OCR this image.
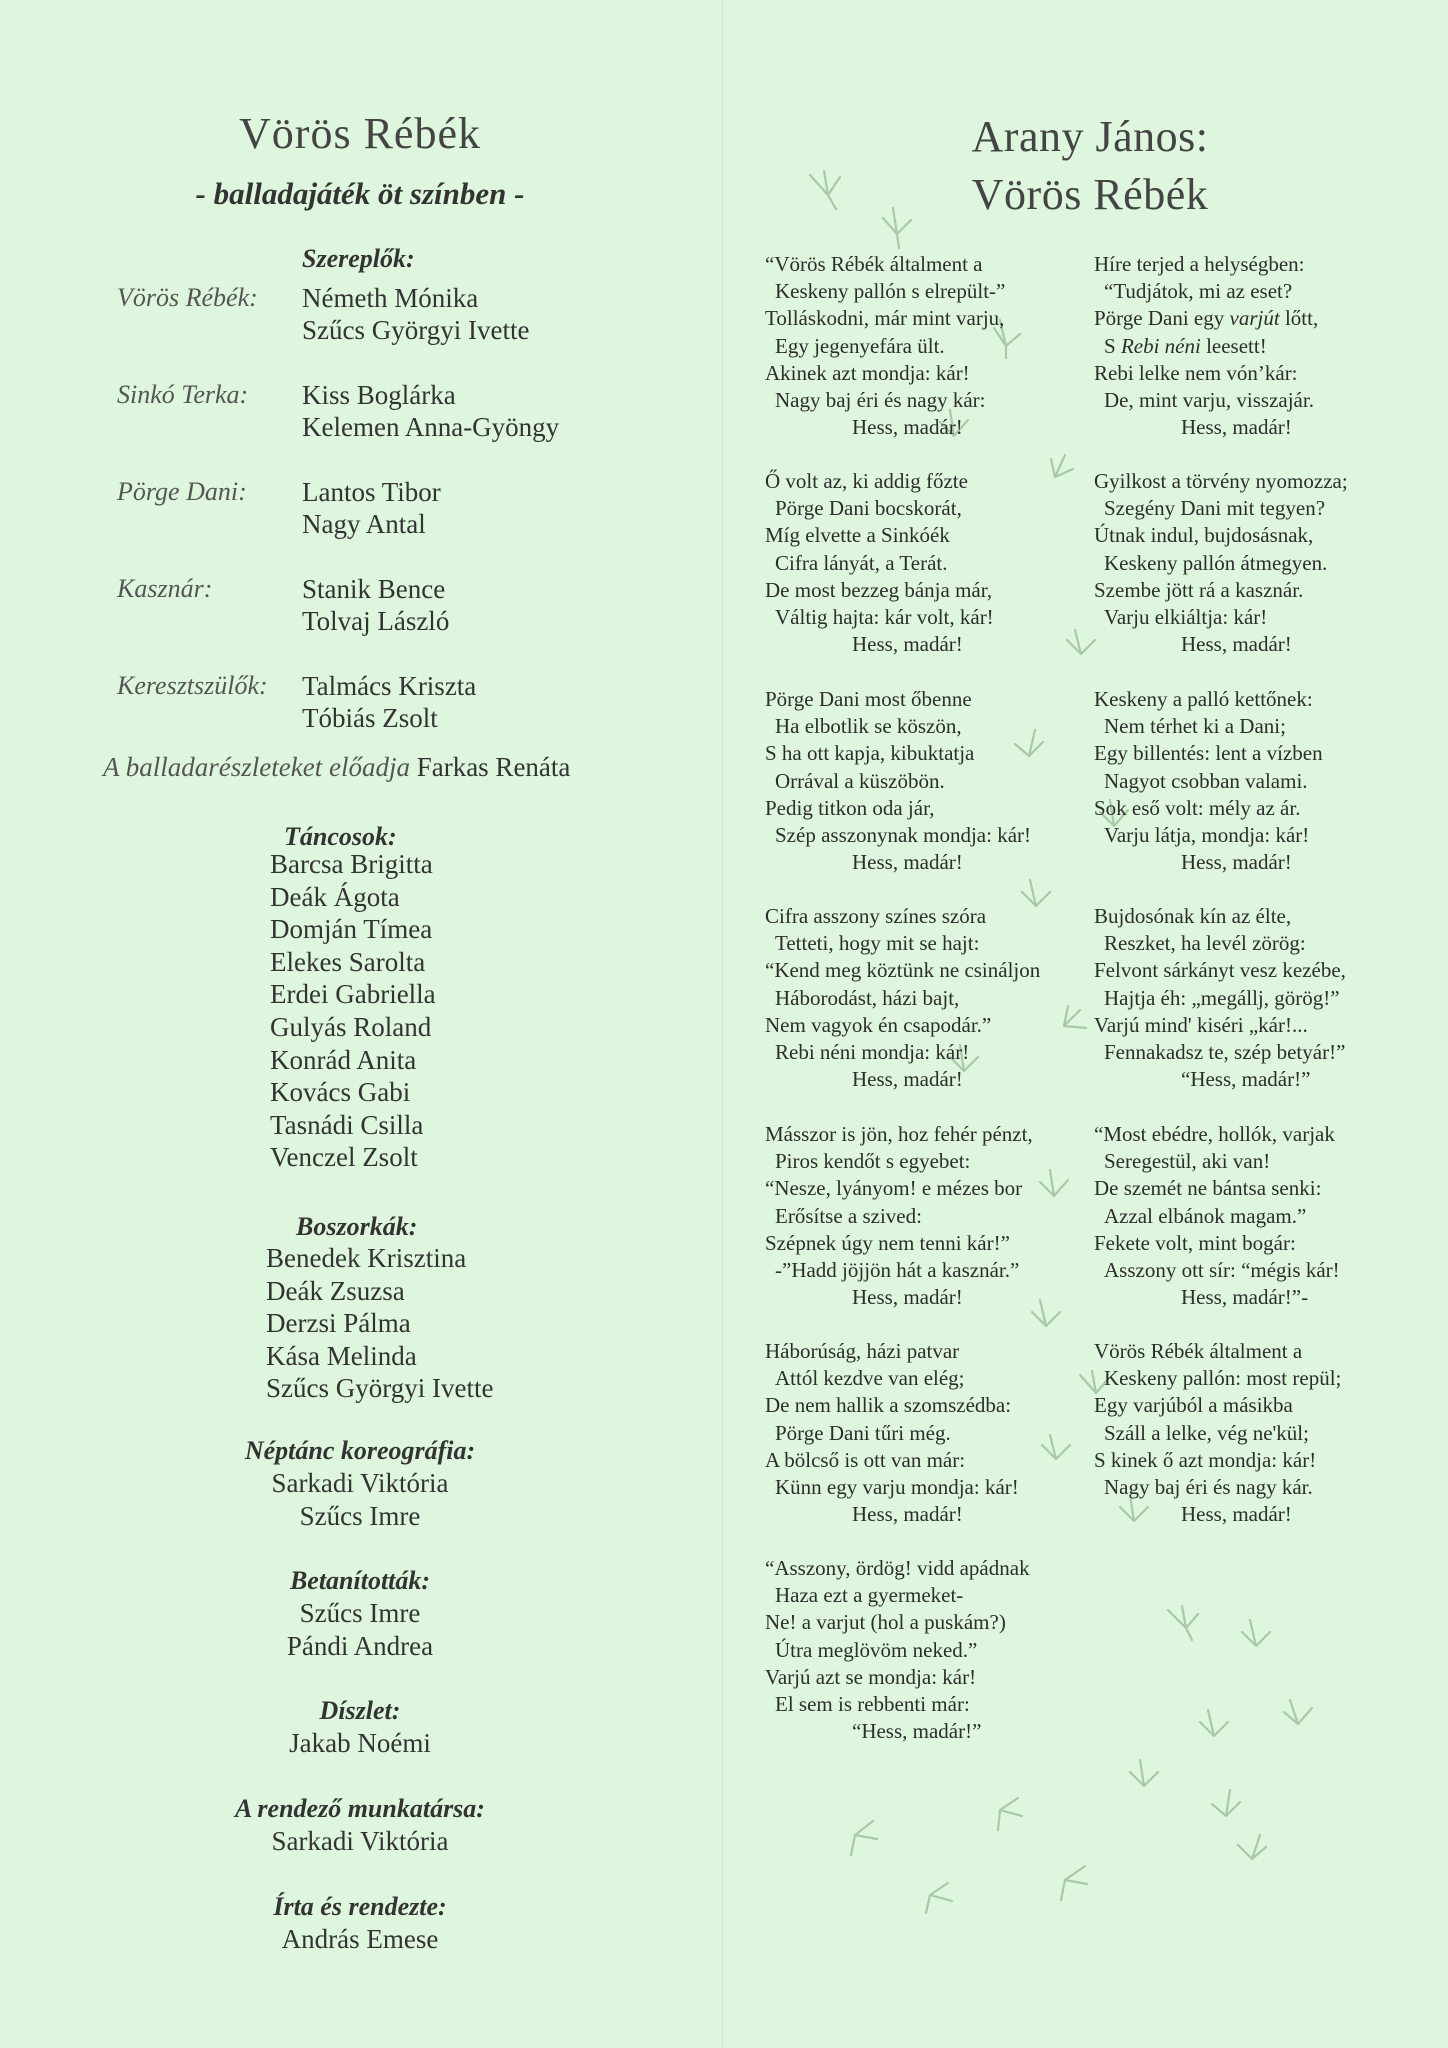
Vörös Rébék
- balladajáték öt színben -
Szereplők:
Vörös Rébék: Németh Mónika
Szűcs Györgyi Ivette
Sinkó Terka: Kiss Boglárka
Kelemen Anna-Gyöngy
Pörge Dani: Lantos Tibor
Nagy Antal
Kasznár:	Stanik Bence
Tolvaj László
Keresztszülők: Talmács Kriszta
Tóbiás Zsolt
A balladarészleteket előadja Farkas Renáta
Táncosok:
Barcsa Brigitta
Deák Ágota
Domján Tímea
Elekes Sarolta
Erdei Gabriella
Gulyás Roland
Konrád Anita
Kovács Gabi
Tasnádi Csilla
Venczel Zsolt
Boszorkák:
Benedek Krisztina
Deák Zsuzsa
Derzsi Pálma
Kása Melinda
Szűcs Györgyi Ivette
Néptánc koreográfia:
Sarkadi Viktória
Szűcs Imre
Betanították:
Szűcs Imre
Pándi Andrea
Díszlet:
Jakab Noémi
A rendező munkatársa:
Sarkadi Viktória
Írta és rendezte:
András Emese
Arany János:
Vörös Rébék
“Vörös Rébék általment a
Keskeny pallón s elrepült-”
Tolláskodni, már mint varju,
Egy jegenyefára ült.
Akinek azt mondja: kár!
Nagy baj éri és nagy kár:
Hess, madár!
Ő volt az, ki addig főzte
Pörge Dani bocskorát,
Míg elvette a Sinkóék
Cifra lányát, a Terát.
De most bezzeg bánja már,
Váltig hajta: kár volt, kár!
Hess, madár!
Pörge Dani most őbenne
Ha elbotlik se köszön,
S ha ott kapja, kibuktatja
Orrával a küszöbön.
Pedig titkon oda jár,
Szép asszonynak mondja: kár!
Hess, madár!
Cifra asszony színes szóra
Tetteti, hogy mit se hajt:
“Kend meg köztünk ne csináljon
Háborodást, házi bajt,
Nem vagyok én csapodár.”
Rebi néni mondja: kár!
Hess, madár!
Másszor is jön, hoz fehér pénzt,
Piros kendőt s egyebet:
“Nesze, lyányom! e mézes bor
Erősítse a szived:
Szépnek úgy nem tenni kár!”
-”Hadd jöjjön hát a kasznár.”
Hess, madár!
Háborúság, házi patvar
Attól kezdve van elég;
De nem hallik a szomszédba:
Pörge Dani tűri még.
A bölcső is ott van már:
Künn egy varju mondja: kár!
Hess, madár!
“Asszony, ördög! vidd apádnak
Haza ezt a gyermeket-
Ne! a varjut (hol a puskám?)
Útra meglövöm neked.”
Varjú azt se mondja: kár!
El sem is rebbenti már:
“Hess, madár!”
Híre terjed a helységben:
“Tudjátok, mi az eset?
Pörge Dani egy varjút lőtt,
S Rebi néni leesett!
Rebi lelke nem vón’kár:
De, mint varju, visszajár.
Hess, madár!
Gyilkost a törvény nyomozza;
Szegény Dani mit tegyen?
Útnak indul, bujdosásnak,
Keskeny pallón átmegyen.
Szembe jött rá a kasznár.
Varju elkiáltja: kár!
Hess, madár!
Keskeny a palló kettőnek:
Nem térhet ki a Dani;
Egy billentés: lent a vízben
Nagyot csobban valami.
Sok eső volt: mély az ár.
Varju látja, mondja: kár!
Hess, madár!
Bujdosónak kín az élte,
Reszket, ha levél zörög:
Felvont sárkányt vesz kezébe,
Hajtja éh: „megállj, görög!”
Varjú mind' kiséri „kár!...
Fennakadsz te, szép betyár!”
“Hess, madár!”
“Most ebédre, hollók, varjak
Seregestül, aki van!
De szemét ne bántsa senki:
Azzal elbánok magam.”
Fekete volt, mint bogár:
Asszony ott sír: “mégis kár!
Hess, madár!”-
Vörös Rébék általment a
Keskeny pallón: most repül;
Egy varjúból a másikba
Száll a lelke, vég ne'kül;
S kinek ő azt mondja: kár!
Nagy baj éri és nagy kár.
Hess, madár!
